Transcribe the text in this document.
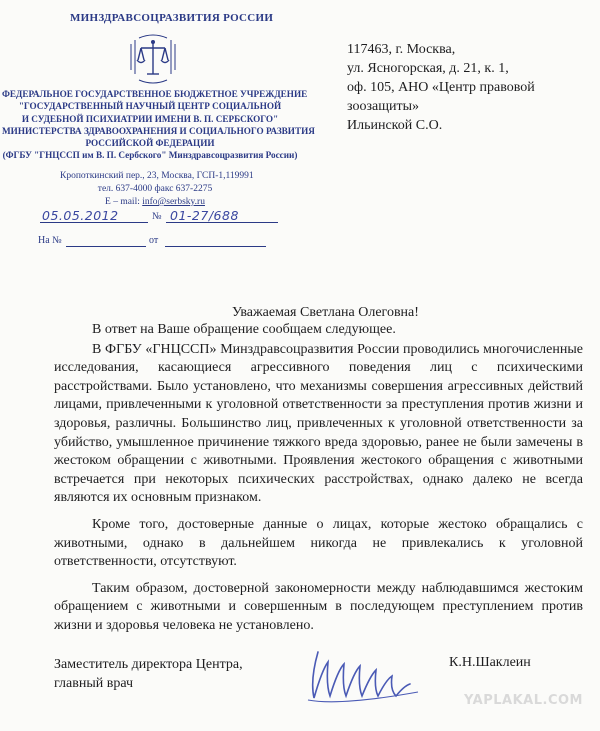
МИНЗДРАВСОЦРАЗВИТИЯ РОССИИ
ФЕДЕРАЛЬНОЕ ГОСУДАРСТВЕННОЕ БЮДЖЕТНОЕ УЧРЕЖДЕНИЕ
"ГОСУДАРСТВЕННЫЙ НАУЧНЫЙ ЦЕНТР СОЦИАЛЬНОЙ
И СУДЕБНОЙ ПСИХИАТРИИ ИМЕНИ В. П. СЕРБСКОГО"
МИНИСТЕРСТВА ЗДРАВООХРАНЕНИЯ И СОЦИАЛЬНОГО РАЗВИТИЯ
РОССИЙСКОЙ ФЕДЕРАЦИИ
(ФГБУ "ГНЦССП им В. П. Сербского" Минздравсоцразвития России)
Кропоткинский пер., 23, Москва, ГСП-1,119991
тел. 637-4000 факс 637-2275
E – mail: info@serbsky.ru
05.05.2012	№ 01-27/688
На №	от
117463, г. Москва,
ул. Ясногорская, д. 21, к. 1,
оф. 105, АНО «Центр правовой
зоозащиты»
Ильинской С.О.
Уважаемая Светлана Олеговна!

В ответ на Ваше обращение сообщаем следующее.

В ФГБУ «ГНЦССП» Минздравсоцразвития России проводились многочисленные исследования, касающиеся агрессивного поведения лиц с психическими расстройствами. Было установлено, что механизмы совершения агрессивных действий лицами, привлеченными к уголовной ответственности за преступления против жизни и здоровья, различны. Большинство лиц, привлеченных к уголовной ответственности за убийство, умышленное причинение тяжкого вреда здоровью, ранее не были замечены в жестоком обращении с животными. Проявления жестокого обращения с животными встречается при некоторых психических расстройствах, однако далеко не всегда являются их основным признаком.

Кроме того, достоверные данные о лицах, которые жестоко обращались с животными, однако в дальнейшем никогда не привлекались к уголовной ответственности, отсутствуют.

Таким образом, достоверной закономерности между наблюдавшимся жестоким обращением с животными и совершенным в последующем преступлением против жизни и здоровья человека не установлено.

Заместитель директора Центра,
главный врач
К.Н.Шаклеин
YAPLAKAL.COM
